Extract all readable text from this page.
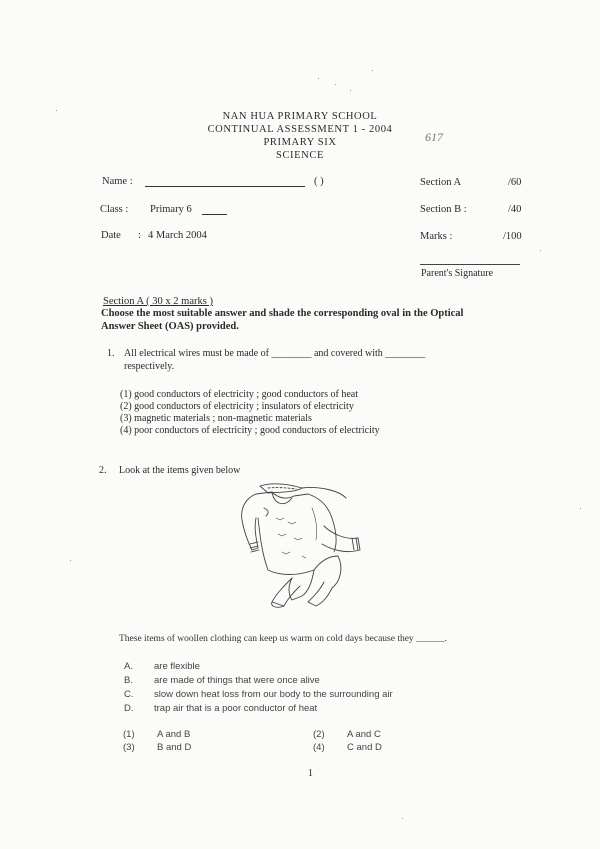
NAN HUA PRIMARY SCHOOL
CONTINUAL ASSESSMENT 1 - 2004
PRIMARY SIX
SCIENCE
617
Name :	( )
Class : Primary 6
Date : 4 March 2004
Section A	/60
Section B :	/40
Marks :	/100
Parent's Signature
Section A ( 30 x 2 marks )
Choose the most suitable answer and shade the corresponding oval in the Optical
Answer Sheet (OAS) provided.
1. All electrical wires must be made of ________ and covered with ________
respectively.
(1) good conductors of electricity ; good conductors of heat
(2) good conductors of electricity ; insulators of electricity
(3) magnetic materials ; non-magnetic materials
(4) poor conductors of electricity ; good conductors of electricity
2. Look at the items given below
These items of woollen clothing can keep us warm on cold days because they ______.
A. are flexible
B. are made of things that were once alive
C. slow down heat loss from our body to the surrounding air
D. trap air that is a poor conductor of heat
(1) A and B	(2) A and C
(3) B and D	(4) C and D
1
